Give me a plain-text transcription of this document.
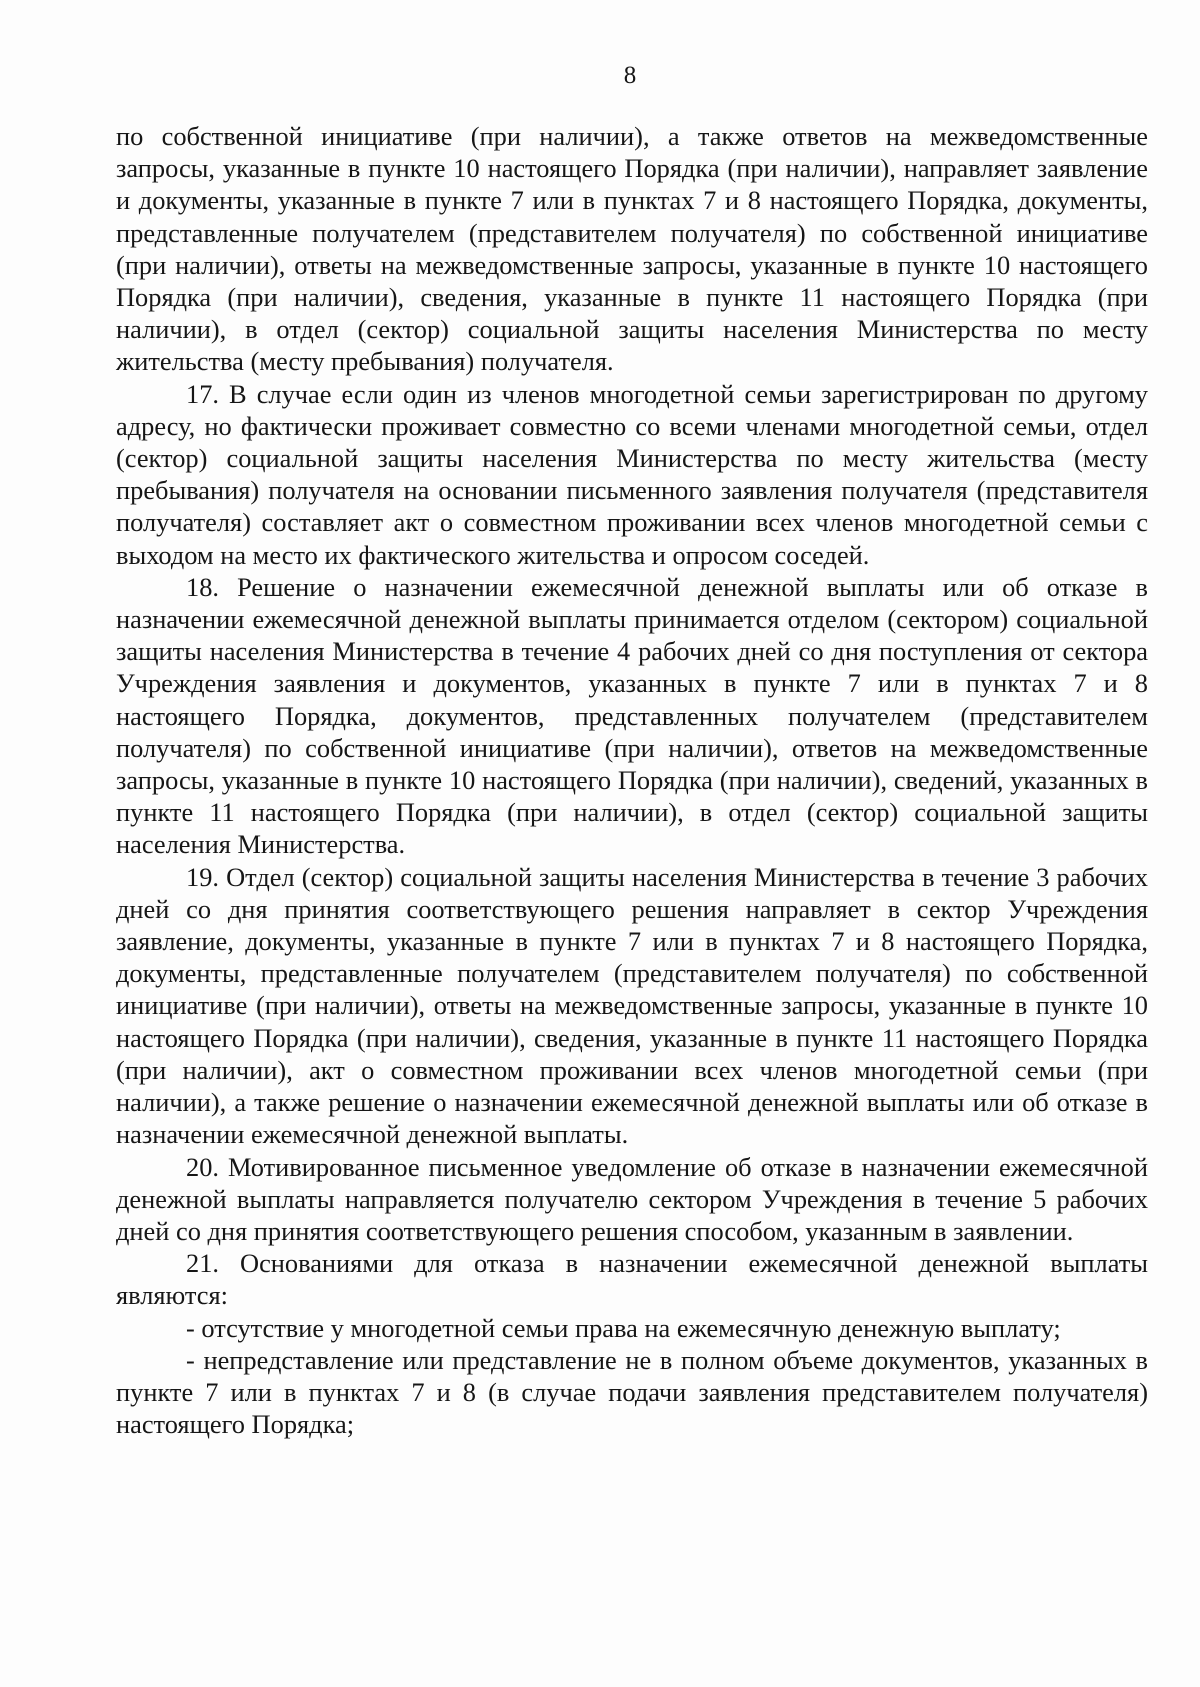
8

по собственной инициативе (при наличии), а также ответов на межведомственные запросы, указанные в пункте 10 настоящего Порядка (при наличии), направляет заявление и документы, указанные в пункте 7 или в пунктах 7 и 8 настоящего Порядка, документы, представленные получателем (представителем получателя) по собственной инициативе (при наличии), ответы на межведомственные запросы, указанные в пункте 10 настоящего Порядка (при наличии), сведения, указанные в пункте 11 настоящего Порядка (при наличии), в отдел (сектор) социальной защиты населения Министерства по месту жительства (месту пребывания) получателя.

17. В случае если один из членов многодетной семьи зарегистрирован по другому адресу, но фактически проживает совместно со всеми членами многодетной семьи, отдел (сектор) социальной защиты населения Министерства по месту жительства (месту пребывания) получателя на основании письменного заявления получателя (представителя получателя) составляет акт о совместном проживании всех членов многодетной семьи с выходом на место их фактического жительства и опросом соседей.

18. Решение о назначении ежемесячной денежной выплаты или об отказе в назначении ежемесячной денежной выплаты принимается отделом (сектором) социальной защиты населения Министерства в течение 4 рабочих дней со дня поступления от сектора Учреждения заявления и документов, указанных в пункте 7 или в пунктах 7 и 8 настоящего Порядка, документов, представленных получателем (представителем получателя) по собственной инициативе (при наличии), ответов на межведомственные запросы, указанные в пункте 10 настоящего Порядка (при наличии), сведений, указанных в пункте 11 настоящего Порядка (при наличии), в отдел (сектор) социальной защиты населения Министерства.

19. Отдел (сектор) социальной защиты населения Министерства в течение 3 рабочих дней со дня принятия соответствующего решения направляет в сектор Учреждения заявление, документы, указанные в пункте 7 или в пунктах 7 и 8 настоящего Порядка, документы, представленные получателем (представителем получателя) по собственной инициативе (при наличии), ответы на межведомственные запросы, указанные в пункте 10 настоящего Порядка (при наличии), сведения, указанные в пункте 11 настоящего Порядка (при наличии), акт о совместном проживании всех членов многодетной семьи (при наличии), а также решение о назначении ежемесячной денежной выплаты или об отказе в назначении ежемесячной денежной выплаты.

20. Мотивированное письменное уведомление об отказе в назначении ежемесячной денежной выплаты направляется получателю сектором Учреждения в течение 5 рабочих дней со дня принятия соответствующего решения способом, указанным в заявлении.

21. Основаниями для отказа в назначении ежемесячной денежной выплаты являются:

- отсутствие у многодетной семьи права на ежемесячную денежную выплату;

- непредставление или представление не в полном объеме документов, указанных в пункте 7 или в пунктах 7 и 8 (в случае подачи заявления представителем получателя) настоящего Порядка;
